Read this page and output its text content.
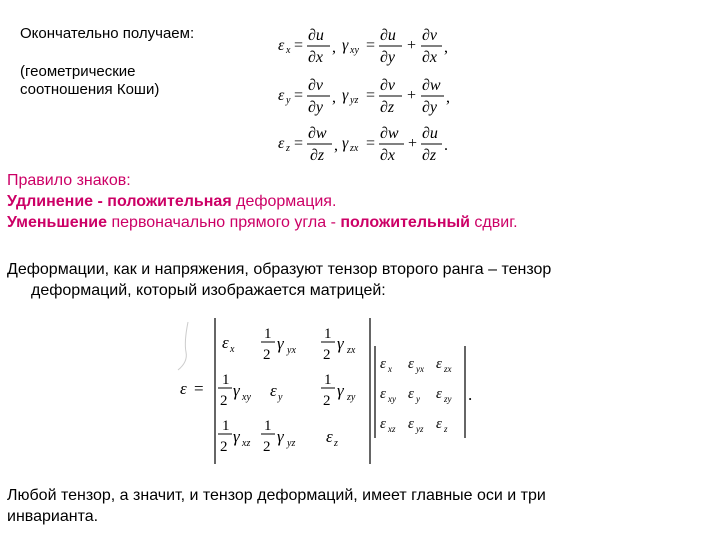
Окончательно получаем:
(геометрические
соотношения Коши)
ε x =
∂u
∂x
, γ xy =
∂u
∂y
+
∂v
∂x
,
ε y =
∂v
∂y
, γ yz =
∂v
∂z
+
∂w
∂y
,
ε z =
∂w
∂z
, γ zx =
∂w
∂x
+
∂u
∂z
.
Правило знаков:
Удлинение - положительная деформация.
Уменьшение первоначально прямого угла - положительный сдвиг.
Деформации, как и напряжения, образуют тензор второго ранга – тензор
деформаций, который изображается матрицей:
ε =
ε x
1
2
γ yx
1
2
γ zx
1
2
γ xy ε y
1
2
γ zy
1
2
γ xz
1
2
γ yz ε z
ε x ε yx ε zx
ε xy ε y ε zy
ε xz ε yz ε z
.
Любой тензор, а значит, и тензор деформаций, имеет главные оси и три
инварианта.
